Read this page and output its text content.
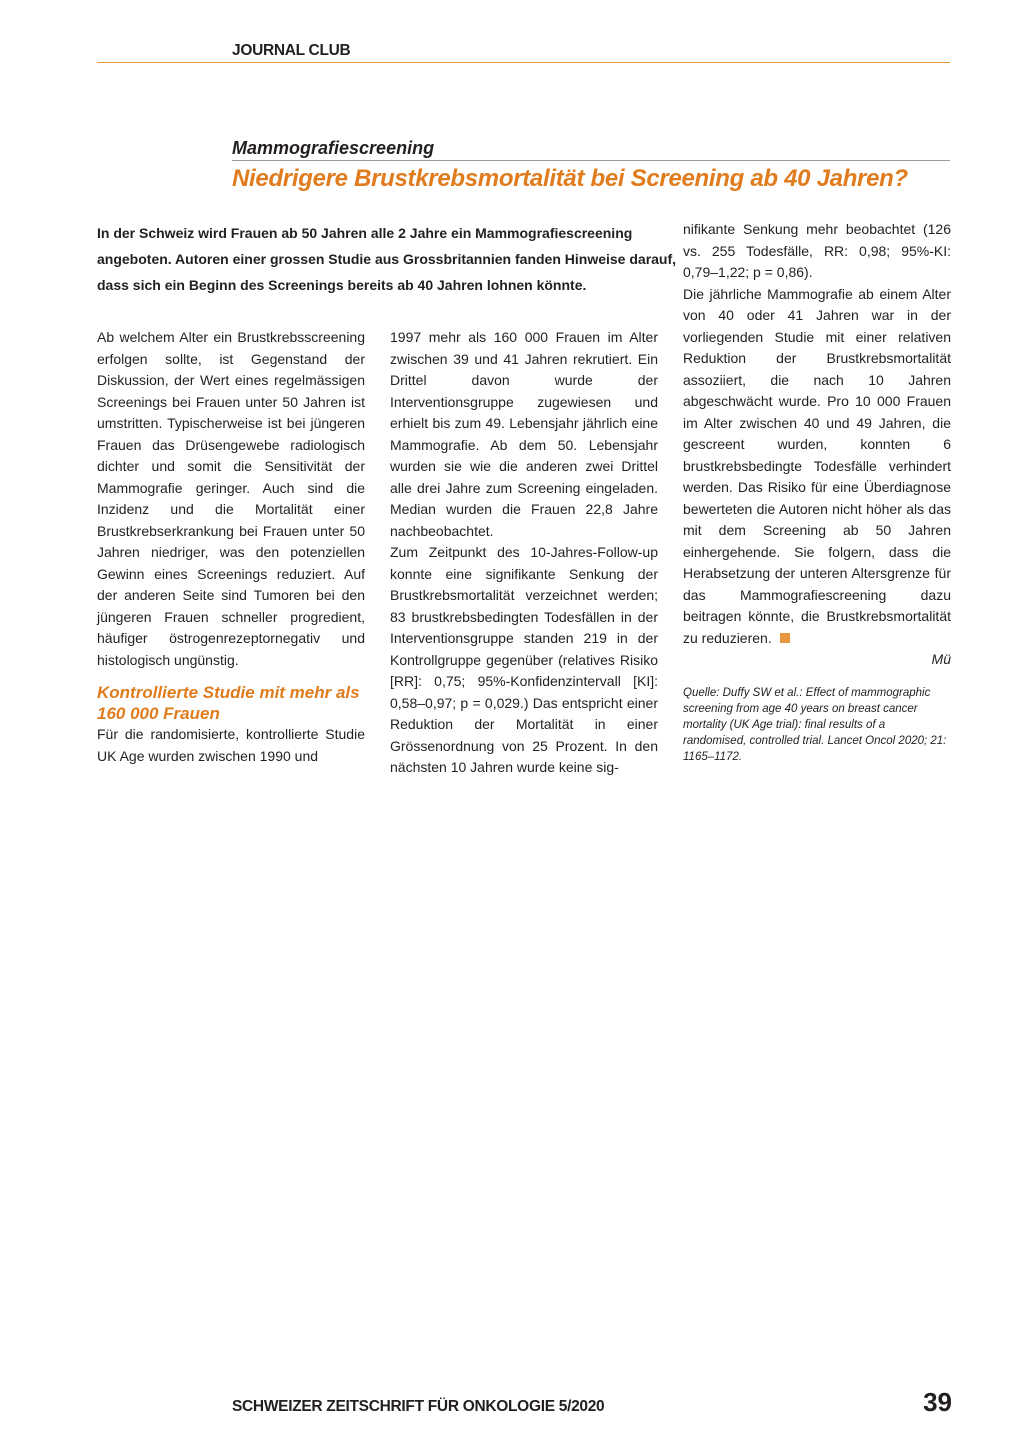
JOURNAL CLUB
Mammografiescreening
Niedrigere Brustkrebsmortalität bei Screening ab 40 Jahren?
In der Schweiz wird Frauen ab 50 Jahren alle 2 Jahre ein Mammografiescreening angeboten. Autoren einer grossen Studie aus Grossbritannien fanden Hinweise darauf, dass sich ein Beginn des Screenings bereits ab 40 Jahren lohnen könnte.

Ab welchem Alter ein Brustkrebsscreening erfolgen sollte, ist Gegenstand der Diskussion, der Wert eines regelmässigen Screenings bei Frauen unter 50 Jahren ist umstritten. Typischerweise ist bei jüngeren Frauen das Drüsengewebe radiologisch dichter und somit die Sensitivität der Mammografie geringer. Auch sind die Inzidenz und die Mortalität einer Brustkrebserkrankung bei Frauen unter 50 Jahren niedriger, was den potenziellen Gewinn eines Screenings reduziert. Auf der anderen Seite sind Tumoren bei den jüngeren Frauen schneller progredient, häufiger östrogenrezeptornegativ und histologisch ungünstig.

Kontrollierte Studie mit mehr als 160 000 Frauen

Für die randomisierte, kontrollierte Studie UK Age wurden zwischen 1990 und

1997 mehr als 160 000 Frauen im Alter zwischen 39 und 41 Jahren rekrutiert. Ein Drittel davon wurde der Interventionsgruppe zugewiesen und erhielt bis zum 49. Lebensjahr jährlich eine Mammografie. Ab dem 50. Lebensjahr wurden sie wie die anderen zwei Drittel alle drei Jahre zum Screening eingeladen. Median wurden die Frauen 22,8 Jahre nachbeobachtet.

Zum Zeitpunkt des 10-Jahres-Follow-up konnte eine signifikante Senkung der Brustkrebsmortalität verzeichnet werden; 83 brustkrebsbedingten Todesfällen in der Interventionsgruppe standen 219 in der Kontrollgruppe gegenüber (relatives Risiko [RR]: 0,75; 95%-Konfidenzintervall [KI]: 0,58–0,97; p = 0,029.) Das entspricht einer Reduktion der Mortalität in einer Grössenordnung von 25 Prozent. In den nächsten 10 Jahren wurde keine sig-

nifikante Senkung mehr beobachtet (126 vs. 255 Todesfälle, RR: 0,98; 95%-KI: 0,79–1,22; p = 0,86).

Die jährliche Mammografie ab einem Alter von 40 oder 41 Jahren war in der vorliegenden Studie mit einer relativen Reduktion der Brustkrebsmortalität assoziiert, die nach 10 Jahren abgeschwächt wurde. Pro 10 000 Frauen im Alter zwischen 40 und 49 Jahren, die gescreent wurden, konnten 6 brustkrebsbedingte Todesfälle verhindert werden. Das Risiko für eine Überdiagnose bewerteten die Autoren nicht höher als das mit dem Screening ab 50 Jahren einhergehende. Sie folgern, dass die Herabsetzung der unteren Altersgrenze für das Mammografiescreening dazu beitragen könnte, die Brustkrebsmortalität zu reduzieren.

Mü

Quelle: Duffy SW et al.: Effect of mammographic screening from age 40 years on breast cancer mortality (UK Age trial): final results of a randomised, controlled trial. Lancet Oncol 2020; 21: 1165–1172.

SCHWEIZER ZEITSCHRIFT FÜR ONKOLOGIE 5/2020	39
